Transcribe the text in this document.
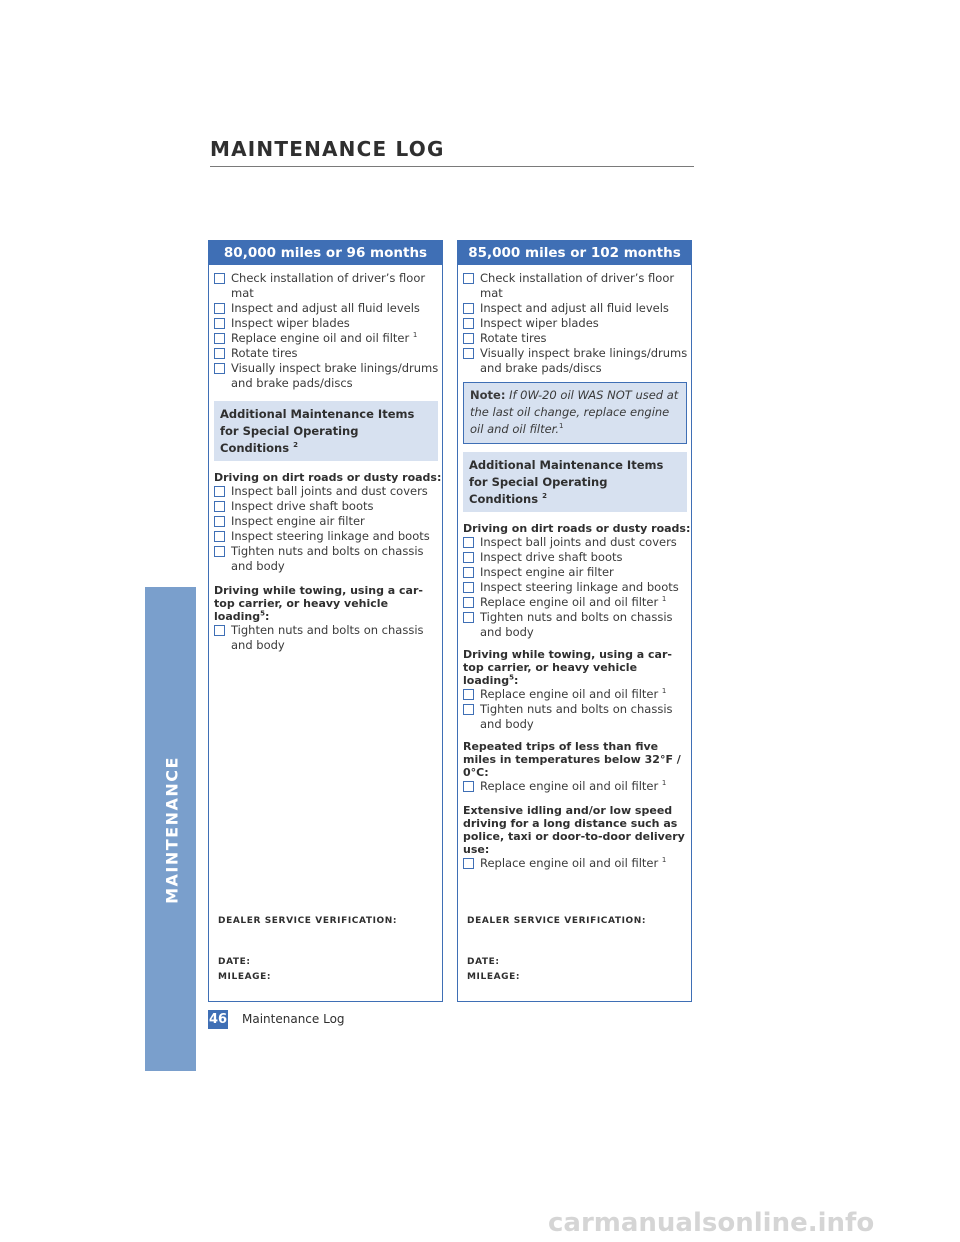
MAINTENANCE
MAINTENANCE LOG
80,000 miles or 96 months
Check installation of driver’s floor mat
Inspect and adjust all fluid levels
Inspect wiper blades
Replace engine oil and oil filter $^1$
Rotate tires
Visually inspect brake linings/drums and brake pads/discs
Additional Maintenance Items for Special Operating Conditions $^2$
Driving on dirt roads or dusty roads:
Inspect ball joints and dust covers
Inspect drive shaft boots
Inspect engine air filter
Inspect steering linkage and boots
Tighten nuts and bolts on chassis and body
Driving while towing, using a car-top carrier, or heavy vehicle loading$^5$:
Tighten nuts and bolts on chassis and body
DEALER SERVICE VERIFICATION:
DATE:
MILEAGE:
85,000 miles or 102 months
Check installation of driver’s floor mat
Inspect and adjust all fluid levels
Inspect wiper blades
Rotate tires
Visually inspect brake linings/drums and brake pads/discs
Note: If 0W-20 oil WAS NOT used at the last oil change, replace engine oil and oil filter.$^1$
Additional Maintenance Items for Special Operating Conditions $^2$
Driving on dirt roads or dusty roads:
Inspect ball joints and dust covers
Inspect drive shaft boots
Inspect engine air filter
Inspect steering linkage and boots
Replace engine oil and oil filter $^1$
Tighten nuts and bolts on chassis and body
Driving while towing, using a car-top carrier, or heavy vehicle loading$^5$:
Replace engine oil and oil filter $^1$
Tighten nuts and bolts on chassis and body
Repeated trips of less than five miles in temperatures below 32°F / 0°C:
Replace engine oil and oil filter $^1$
Extensive idling and/or low speed driving for a long distance such as police, taxi or door-to-door delivery use:
Replace engine oil and oil filter $^1$
DEALER SERVICE VERIFICATION:
DATE:
MILEAGE:
46 Maintenance Log
carmanualsonline.info
